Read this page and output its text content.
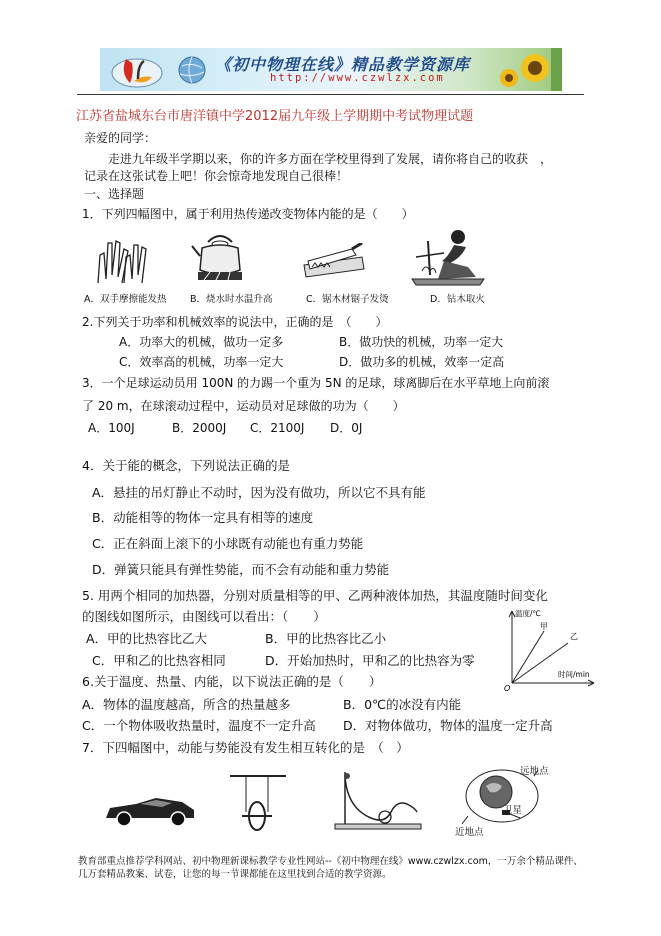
《初中物理在线》精品教学资源库
http://www.czwlzx.com
江苏省盐城东台市唐洋镇中学2012届九年级上学期期中考试物理试题
亲爱的同学：
走进九年级半学期以来，你的许多方面在学校里得到了发展，请你将自己的收获　，
记录在这张试卷上吧！你会惊奇地发现自己很棒！
一、选择题
1．下列四幅图中，属于利用热传递改变物体内能的是（　　）
A．双手摩擦能发热 B．烧水时水温升高	C．锯木材锯子发烫	D．钻木取火
2.下列关于功率和机械效率的说法中，正确的是　（　　）
A．功率大的机械，做功一定多	B．做功快的机械，功率一定大
C．效率高的机械，功率一定大	D．做功多的机械，效率一定高
3．一个足球运动员用 100N 的力踢一个重为 5N 的足球，球离脚后在水平草地上向前滚
了 20 m，在球滚动过程中，运动员对足球做的功为（　　）
A．100J	B．2000J C．2100J D．0J
4．关于能的概念，下列说法正确的是
A．悬挂的吊灯静止不动时，因为没有做功，所以它不具有能
B．动能相等的物体一定具有相等的速度
C．正在斜面上滚下的小球既有动能也有重力势能
D．弹簧只能具有弹性势能，而不会有动能和重力势能
5. 用两个相同的加热器，分别对质量相等的甲、乙两种液体加热，其温度随时间变化
的图线如图所示，由图线可以看出：（　　）
A．甲的比热容比乙大	B．甲的比热容比乙小
C．甲和乙的比热容相同	D．开始加热时，甲和乙的比热容为零
温度/℃
甲
乙
时间/min
O
6.关于温度、热量、内能，以下说法正确的是（　　）
A．物体的温度越高，所含的热量越多	B．0℃的冰没有内能
C．一个物体吸收热量时，温度不一定升高 D．对物体做功，物体的温度一定升高
7．下四幅图中，动能与势能没有发生相互转化的是　（　）
远地点
卫星
近地点
教育部重点推荐学科网站、初中物理新课标教学专业性网站--《初中物理在线》www.czwlzx.com，一万余个精品课件、几万套精品教案、试卷，让您的每一节课都能在这里找到合适的教学资源。
